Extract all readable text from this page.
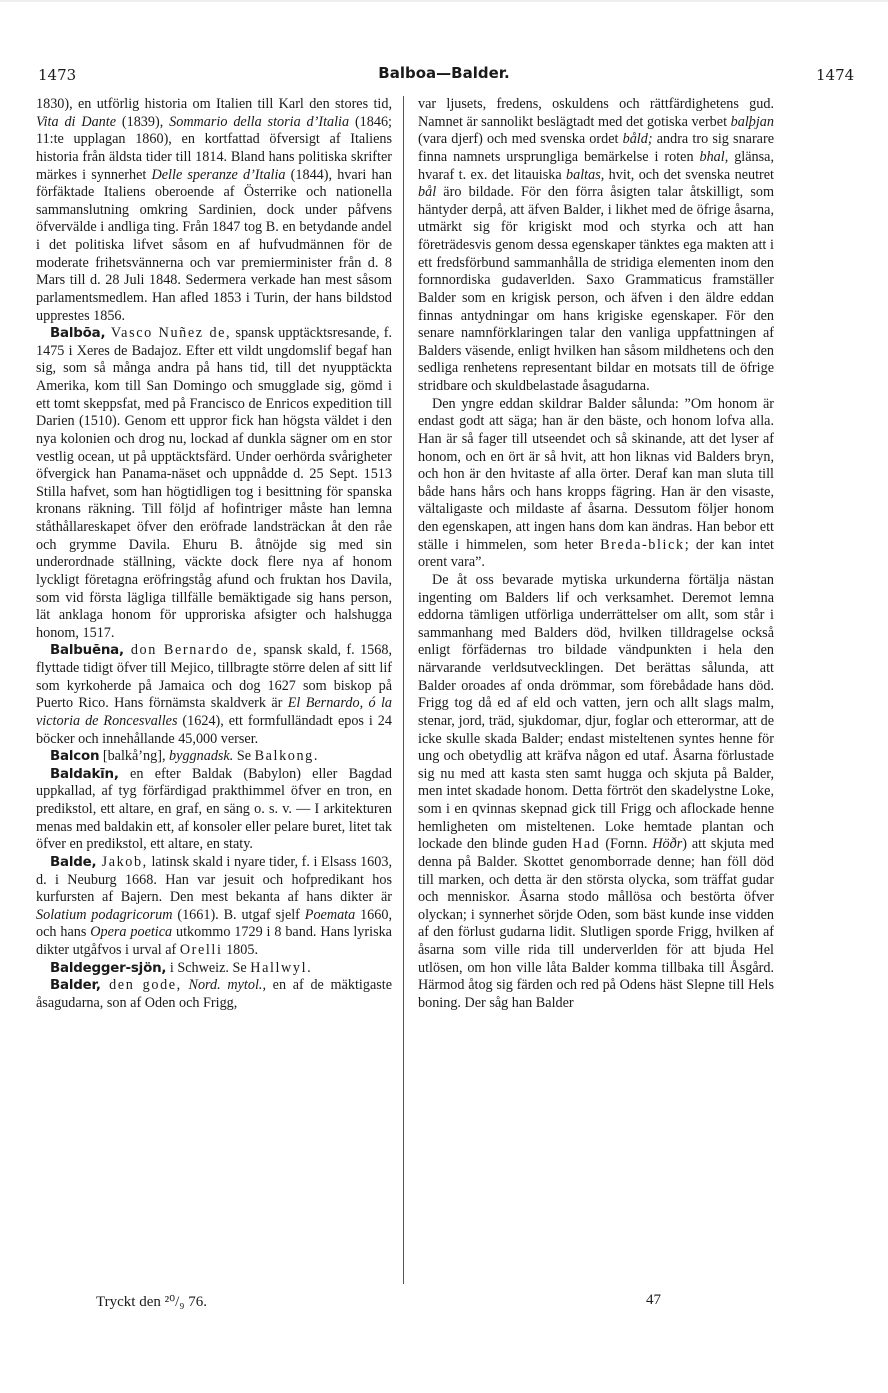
1473	Balboa—Balder.	1474

1830), en utförlig historia om Italien till Karl den stores tid, Vita di Dante (1839), Sommario della storia d’Italia (1846; 11:te upplagan 1860), en kortfattad öfversigt af Italiens historia från äldsta tider till 1814. Bland hans politiska skrifter märkes i synnerhet Delle speranze d’Italia (1844), hvari han förfäktade Italiens oberoende af Österrike och nationella sammanslutning omkring Sardinien, dock under påfvens öfvervälde i andliga ting. Från 1847 tog B. en betydande andel i det politiska lifvet såsom en af hufvudmännen för de moderate frihetsvännerna och var premierminister från d. 8 Mars till d. 28 Juli 1848. Sedermera verkade han mest såsom parlamentsmedlem. Han afled 1853 i Turin, der hans bildstod upprestes 1856.

Balbōa, Vasco Nuñez de, spansk upptäcktsresande, f. 1475 i Xeres de Badajoz. Efter ett vildt ungdomslif begaf han sig, som så många andra på hans tid, till det nyupptäckta Amerika, kom till San Domingo och smugglade sig, gömd i ett tomt skeppsfat, med på Francisco de Enricos expedition till Darien (1510). Genom ett uppror fick han högsta väldet i den nya kolonien och drog nu, lockad af dunkla sägner om en stor vestlig ocean, ut på upptäcktsfärd. Under oerhörda svårigheter öfvergick han Panama-näset och uppnådde d. 25 Sept. 1513 Stilla hafvet, som han högtidligen tog i besittning för spanska kronans räkning. Till följd af hofintriger måste han lemna ståthållareskapet öfver den eröfrade landsträckan åt den råe och grymme Davila. Ehuru B. åtnöjde sig med sin underordnade ställning, väckte dock flere nya af honom lyckligt företagna eröfringståg afund och fruktan hos Davila, som vid första lägliga tillfälle bemäktigade sig hans person, lät anklaga honom för upproriska afsigter och halshugga honom, 1517.

Balbuēna, don Bernardo de, spansk skald, f. 1568, flyttade tidigt öfver till Mejico, tillbragte större delen af sitt lif som kyrkoherde på Jamaica och dog 1627 som biskop på Puerto Rico. Hans förnämsta skaldverk är El Bernardo, ó la victoria de Roncesvalles (1624), ett formfulländadt epos i 24 böcker och innehållande 45,000 verser.

Balcon [balkå’ng], byggnadsk. Se Balkong.

Baldakīn, en efter Baldak (Babylon) eller Bagdad uppkallad, af tyg förfärdigad prakthimmel öfver en tron, en predikstol, ett altare, en graf, en säng o. s. v. — I arkitekturen menas med baldakin ett, af konsoler eller pelare buret, litet tak öfver en predikstol, ett altare, en staty.

Balde, Jakob, latinsk skald i nyare tider, f. i Elsass 1603, d. i Neuburg 1668. Han var jesuit och hofpredikant hos kurfursten af Bajern. Den mest bekanta af hans dikter är Solatium podagricorum (1661). B. utgaf sjelf Poemata 1660, och hans Opera poetica utkommo 1729 i 8 band. Hans lyriska dikter utgåfvos i urval af Orelli 1805.

Baldegger-sjön, i Schweiz. Se Hallwyl.

Balder, den gode, Nord. mytol., en af de mäktigaste åsagudarna, son af Oden och Frigg,

var ljusets, fredens, oskuldens och rättfärdighetens gud. Namnet är sannolikt beslägtadt med det gotiska verbet balþjan (vara djerf) och med svenska ordet båld; andra tro sig snarare finna namnets ursprungliga bemärkelse i roten bhal, glänsa, hvaraf t. ex. det litauiska baltas, hvit, och det svenska neutret bål äro bildade. För den förra åsigten talar åtskilligt, som häntyder derpå, att äfven Balder, i likhet med de öfrige åsarna, utmärkt sig för krigiskt mod och styrka och att han företrädesvis genom dessa egenskaper tänktes ega makten att i ett fredsförbund sammanhålla de stridiga elementen inom den fornnordiska gudaverlden. Saxo Grammaticus framställer Balder som en krigisk person, och äfven i den äldre eddan finnas antydningar om hans krigiske egenskaper. För den senare namnförklaringen talar den vanliga uppfattningen af Balders väsende, enligt hvilken han såsom mildhetens och den sedliga renhetens representant bildar en motsats till de öfrige stridbare och skuldbelastade åsagudarna.

Den yngre eddan skildrar Balder sålunda: ”Om honom är endast godt att säga; han är den bäste, och honom lofva alla. Han är så fager till utseendet och så skinande, att det lyser af honom, och en ört är så hvit, att hon liknas vid Balders bryn, och hon är den hvitaste af alla örter. Deraf kan man sluta till både hans hårs och hans kropps fägring. Han är den visaste, vältaligaste och mildaste af åsarna. Dessutom följer honom den egenskapen, att ingen hans dom kan ändras. Han bebor ett ställe i himmelen, som heter Breda-blick; der kan intet orent vara”.

De åt oss bevarade mytiska urkunderna förtälja nästan ingenting om Balders lif och verksamhet. Deremot lemna eddorna tämligen utförliga underrättelser om allt, som står i sammanhang med Balders död, hvilken tilldragelse också enligt förfädernas tro bildade vändpunkten i hela den närvarande verldsutvecklingen. Det berättas sålunda, att Balder oroades af onda drömmar, som förebådade hans död. Frigg tog då ed af eld och vatten, jern och allt slags malm, stenar, jord, träd, sjukdomar, djur, foglar och etterormar, att de icke skulle skada Balder; endast misteltenen syntes henne för ung och obetydlig att kräfva någon ed utaf. Åsarna förlustade sig nu med att kasta sten samt hugga och skjuta på Balder, men intet skadade honom. Detta förtröt den skadelystne Loke, som i en qvinnas skepnad gick till Frigg och aflockade henne hemligheten om misteltenen. Loke hemtade plantan och lockade den blinde guden Had (Fornn. Höðr) att skjuta med denna på Balder. Skottet genomborrade denne; han föll död till marken, och detta är den största olycka, som träffat gudar och menniskor. Åsarna stodo mållösa och bestörta öfver olyckan; i synnerhet sörjde Oden, som bäst kunde inse vidden af den förlust gudarna lidit. Slutligen sporde Frigg, hvilken af åsarna som ville rida till underverlden för att bjuda Hel utlösen, om hon ville låta Balder komma tillbaka till Åsgård. Härmod åtog sig färden och red på Odens häst Slepne till Hels boning. Der såg han Balder

Tryckt den ²⁰/₉ 76.	47
